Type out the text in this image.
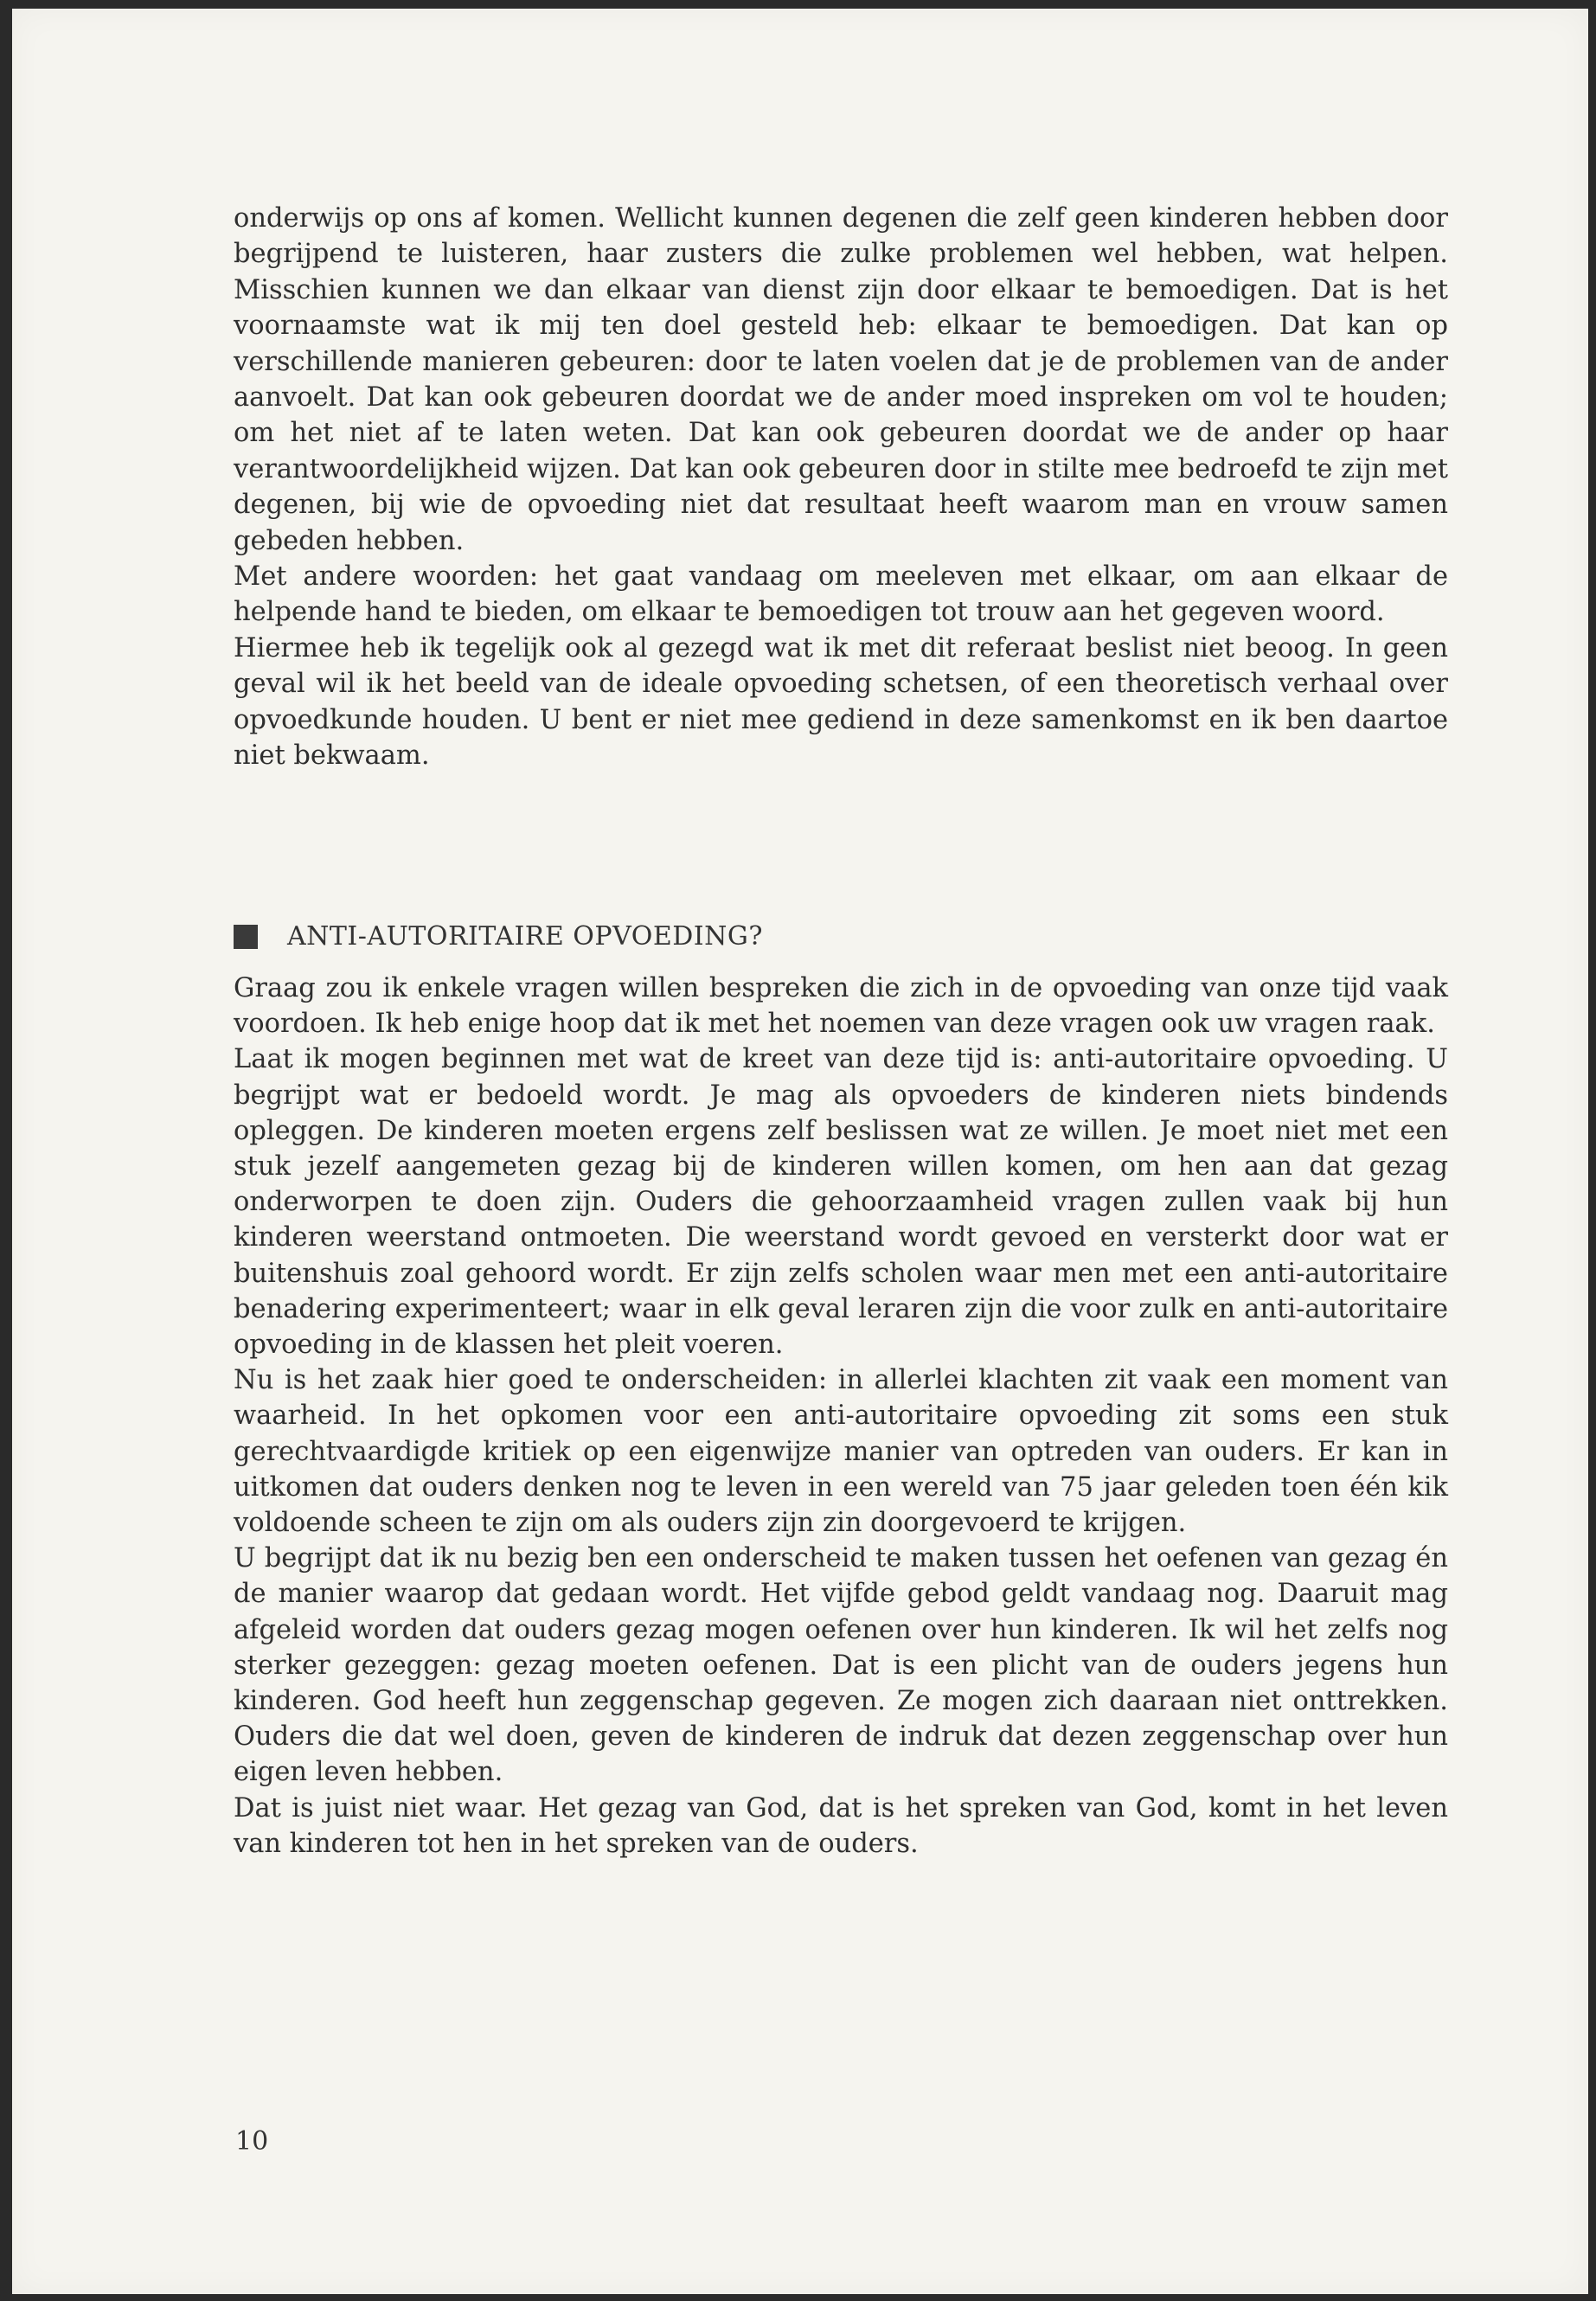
onderwijs op ons af komen. Wellicht kunnen degenen die zelf geen kinderen hebben door begrijpend te luisteren, haar zusters die zulke problemen wel hebben, wat helpen. Misschien kunnen we dan elkaar van dienst zijn door elkaar te bemoedigen. Dat is het voornaamste wat ik mij ten doel gesteld heb: elkaar te bemoedigen. Dat kan op verschillende manieren gebeuren: door te laten voelen dat je de problemen van de ander aanvoelt. Dat kan ook gebeuren doordat we de ander moed inspreken om vol te houden; om het niet af te laten weten. Dat kan ook gebeuren doordat we de ander op haar verantwoordelijkheid wijzen. Dat kan ook gebeuren door in stilte mee bedroefd te zijn met degenen, bij wie de opvoeding niet dat resultaat heeft waarom man en vrouw samen gebeden hebben.

Met andere woorden: het gaat vandaag om meeleven met elkaar, om aan elkaar de helpende hand te bieden, om elkaar te bemoedigen tot trouw aan het gegeven woord.

Hiermee heb ik tegelijk ook al gezegd wat ik met dit referaat beslist niet beoog. In geen geval wil ik het beeld van de ideale opvoeding schetsen, of een theoretisch verhaal over opvoedkunde houden. U bent er niet mee gediend in deze samenkomst en ik ben daartoe niet bekwaam.

ANTI-AUTORITAIRE OPVOEDING?

Graag zou ik enkele vragen willen bespreken die zich in de opvoeding van onze tijd vaak voordoen. Ik heb enige hoop dat ik met het noemen van deze vragen ook uw vragen raak.

Laat ik mogen beginnen met wat de kreet van deze tijd is: anti-autoritaire opvoeding. U begrijpt wat er bedoeld wordt. Je mag als opvoeders de kinderen niets bindends opleggen. De kinderen moeten ergens zelf beslissen wat ze willen. Je moet niet met een stuk jezelf aangemeten gezag bij de kinderen willen komen, om hen aan dat gezag onderworpen te doen zijn. Ouders die gehoorzaamheid vragen zullen vaak bij hun kinderen weerstand ontmoeten. Die weerstand wordt gevoed en versterkt door wat er buitenshuis zoal gehoord wordt. Er zijn zelfs scholen waar men met een anti-autoritaire benadering experimenteert; waar in elk geval leraren zijn die voor zulk en anti-autoritaire opvoeding in de klassen het pleit voeren.

Nu is het zaak hier goed te onderscheiden: in allerlei klachten zit vaak een moment van waarheid. In het opkomen voor een anti-autoritaire opvoeding zit soms een stuk gerechtvaardigde kritiek op een eigenwijze manier van optreden van ouders. Er kan in uitkomen dat ouders denken nog te leven in een wereld van 75 jaar geleden toen één kik voldoende scheen te zijn om als ouders zijn zin doorgevoerd te krijgen.

U begrijpt dat ik nu bezig ben een onderscheid te maken tussen het oefenen van gezag én de manier waarop dat gedaan wordt. Het vijfde gebod geldt vandaag nog. Daaruit mag afgeleid worden dat ouders gezag mogen oefenen over hun kinderen. Ik wil het zelfs nog sterker gezeggen: gezag moeten oefenen. Dat is een plicht van de ouders jegens hun kinderen. God heeft hun zeggenschap gegeven. Ze mogen zich daaraan niet onttrekken. Ouders die dat wel doen, geven de kinderen de indruk dat dezen zeggenschap over hun eigen leven hebben.

Dat is juist niet waar. Het gezag van God, dat is het spreken van God, komt in het leven van kinderen tot hen in het spreken van de ouders.

10
